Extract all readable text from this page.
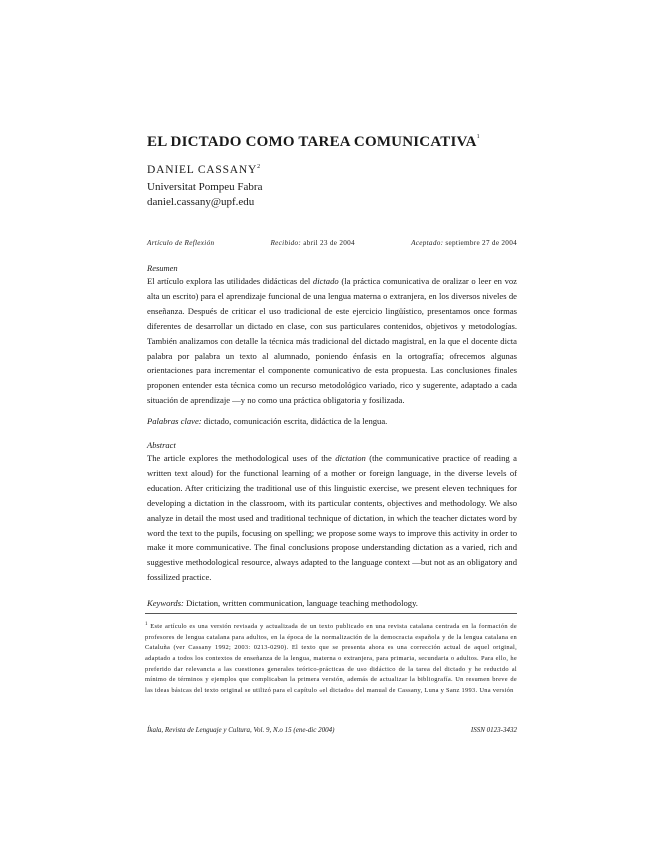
EL DICTADO COMO TAREA COMUNICATIVA$^1$
DANIEL CASSANY$^2$
Universitat Pompeu Fabra
daniel.cassany@upf.edu
Artículo de Reflexión	Recibido: abril 23 de 2004	Aceptado: septiembre 27 de 2004
Resumen
El artículo explora las utilidades didácticas del dictado (la práctica comunicativa de oralizar o leer en voz alta un escrito) para el aprendizaje funcional de una lengua materna o extranjera, en los diversos niveles de enseñanza. Después de criticar el uso tradicional de este ejercicio lingüístico, presentamos once formas diferentes de desarrollar un dictado en clase, con sus particulares contenidos, objetivos y metodologías. También analizamos con detalle la técnica más tradicional del dictado magistral, en la que el docente dicta palabra por palabra un texto al alumnado, poniendo énfasis en la ortografía; ofrecemos algunas orientaciones para incrementar el componente comunicativo de esta propuesta. Las conclusiones finales proponen entender esta técnica como un recurso metodológico variado, rico y sugerente, adaptado a cada situación de aprendizaje —y no como una práctica obligatoria y fosilizada.
Palabras clave: dictado, comunicación escrita, didáctica de la lengua.
Abstract
The article explores the methodological uses of the dictation (the communicative practice of reading a written text aloud) for the functional learning of a mother or foreign language, in the diverse levels of education. After criticizing the traditional use of this linguistic exercise, we present eleven techniques for developing a dictation in the classroom, with its particular contents, objectives and methodology. We also analyze in detail the most used and traditional technique of dictation, in which the teacher dictates word by word the text to the pupils, focusing on spelling; we propose some ways to improve this activity in order to make it more communicative. The final conclusions propose understanding dictation as a varied, rich and suggestive methodological resource, always adapted to the language context —but not as an obligatory and fossilized practice.
Keywords: Dictation, written communication, language teaching methodology.
$^1$ Este artículo es una versión revisada y actualizada de un texto publicado en una revista catalana centrada en la formación de profesores de lengua catalana para adultos, en la época de la normalización de la democracia española y de la lengua catalana en Cataluña (ver Cassany 1992; 2003: 0213-0290). El texto que se presenta ahora es una corrección actual de aquel original, adaptado a todos los contextos de enseñanza de la lengua, materna o extranjera, para primaria, secundaria o adultos. Para ello, he preferido dar relevancia a las cuestiones generales teórico-prácticas de uso didáctico de la tarea del dictado y he reducido al mínimo de términos y ejemplos que complicaban la primera versión, además de actualizar la bibliografía. Un resumen breve de las ideas básicas del texto original se utilizó para el capítulo «el dictado» del manual de Cassany, Luna y Sanz 1993. Una versión
Íkala, Revista de Lenguaje y Cultura, Vol. 9, N.o 15 (ene-dic 2004)	ISSN 0123-3432
